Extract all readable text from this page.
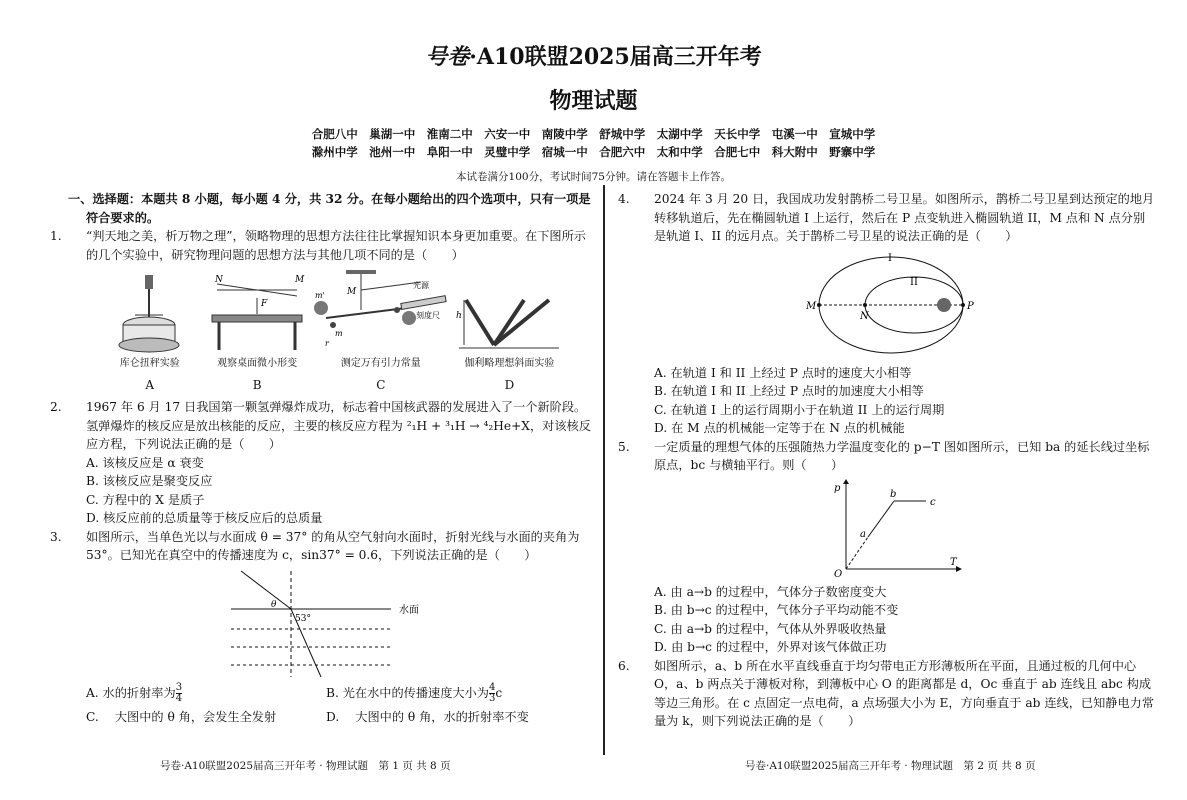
号卷·A10联盟2025届高三开年考
物理试题
合肥八中　巢湖一中　淮南二中　六安一中　南陵中学　舒城中学　太湖中学　天长中学　屯溪一中　宣城中学
滁州中学　池州一中　阜阳一中　灵璧中学　宿城一中　合肥六中　太和中学　合肥七中　科大附中　野寨中学
本试卷满分100分，考试时间75分钟。请在答题卡上作答。
一、选择题：本题共 8 小题，每小题 4 分，共 32 分。在每小题给出的四个选项中，只有一项是符合要求的。
1. “判天地之美，析万物之理”，领略物理的思想方法往往比掌握知识本身更加重要。在下图所示的几个实验中，研究物理问题的思想方法与其他几项不同的是（　　）
库仑扭秤实验
A
N	M
F
观察桌面微小形变
B
M
光源
刻度尺
m'
m
r
测定万有引力常量
C
h
伽利略理想斜面实验
D
2. 1967 年 6 月 17 日我国第一颗氢弹爆炸成功，标志着中国核武器的发展进入了一个新阶段。氢弹爆炸的核反应是放出核能的反应，主要的核反应方程为 ²₁H + ³₁H → ⁴₂He+X，对该核反应方程，下列说法正确的是（　　）
A. 该核反应是 α 衰变
B. 该核反应是聚变反应
C. 方程中的 X 是质子
D. 核反应前的总质量等于核反应后的总质量
3. 如图所示，当单色光以与水面成 θ = 37° 的角从空气射向水面时，折射光线与水面的夹角为 53°。已知光在真空中的传播速度为 c，sin37° = 0.6，下列说法正确的是（　　）
水面
θ
53°
A. 水的折射率为 $\frac{3}{4}$	B. 光在水中的传播速度大小为 $\frac{4}{3}$ c
C.　 大图中的 θ 角，会发生全发射	D.　 大图中的 θ 角，水的折射率不变
4. 2024 年 3 月 20 日，我国成功发射鹊桥二号卫星。如图所示，鹊桥二号卫星到达预定的地月转移轨道后，先在椭圆轨道 I 上运行，然后在 P 点变轨进入椭圆轨道 II，M 点和 N 点分别是轨道 I、II 的远月点。关于鹊桥二号卫星的说法正确的是（　　）
I
II
M
N
P
A. 在轨道 I 和 II 上经过 P 点时的速度大小相等
B. 在轨道 I 和 II 上经过 P 点时的加速度大小相等
C. 在轨道 I 上的运行周期小于在轨道 II 上的运行周期
D. 在 M 点的机械能一定等于在 N 点的机械能
5. 一定质量的理想气体的压强随热力学温度变化的 p−T 图如图所示，已知 ba 的延长线过坐标原点，bc 与横轴平行。则（　　）
p
T
O
a
b
c
A. 由 a→b 的过程中，气体分子数密度变大
B. 由 b→c 的过程中，气体分子平均动能不变
C. 由 a→b 的过程中，气体从外界吸收热量
D. 由 b→c 的过程中，外界对该气体做正功
6. 如图所示，a、b 所在水平直线垂直于均匀带电正方形薄板所在平面，且通过板的几何中心 O，a、b 两点关于薄板对称，到薄板中心 O 的距离都是 d，Oc 垂直于 ab 连线且 abc 构成等边三角形。在 c 点固定一点电荷，a 点场强大小为 E，方向垂直于 ab 连线，已知静电力常量为 k，则下列说法正确的是（　　）
号卷·A10联盟2025届高三开年考 · 物理试题　第 1 页 共 8 页	号卷·A10联盟2025届高三开年考 · 物理试题　第 2 页 共 8 页
